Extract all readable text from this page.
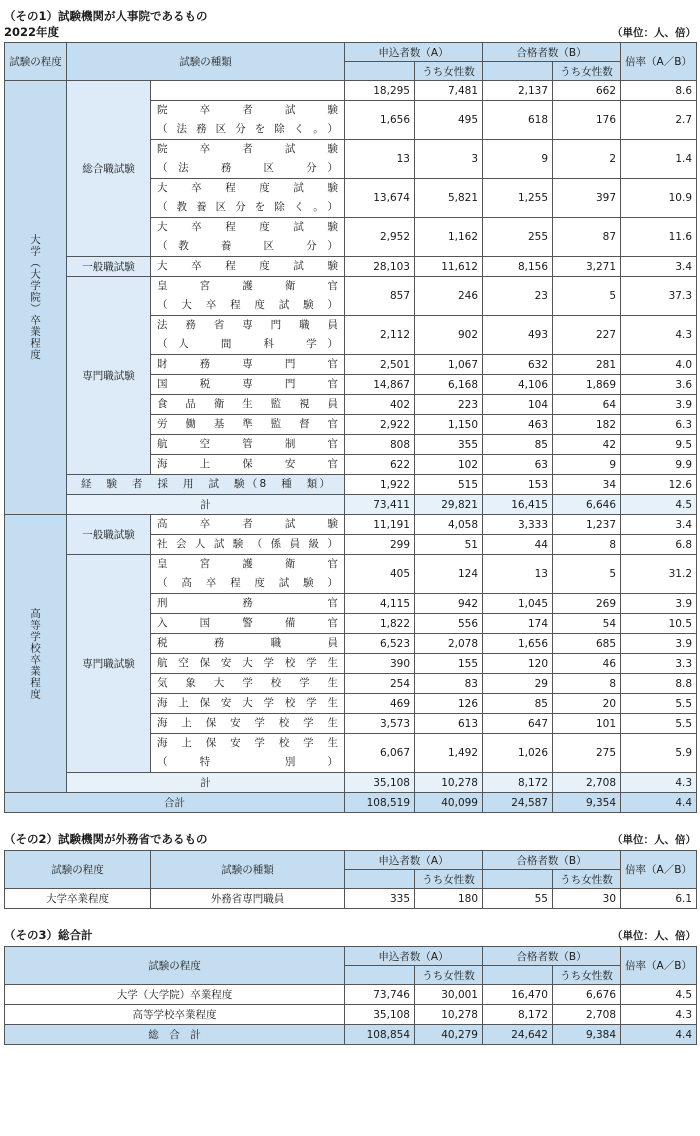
（その1）試験機関が人事院であるもの
2022年度	（単位：人、倍）
試験の程度	試験の種類		申込者数（A）		合格者数（B）		倍率（A／B）
				うち女性数		うち女性数	
大学（大学院）卒業程度	総合職試験		18,295	7,481	2,137	662	8.6

		院　卒　者　試　験
（法務区分を除く。）	1,656	495	618	176	2.7

		院　卒　者　試　験
（法　務　区　分）	13	3	9	2	1.4

		大　卒　程　度　試　験
（教養区分を除く。）	13,674	5,821	1,255	397	10.9

		大　卒　程　度　試　験
（教　養　区　分）	2,952	1,162	255	87	11.6
	一般職試験	大　卒　程　度　試　験	28,103	11,612	8,156	3,271	3.4
	専門職試験	皇　宮　護　衛　官
（大卒程度試験）	857	246	23	5	37.3

		法　務　省　専　門　職　員
（人　間　科　学）	2,112	902	493	227	4.3
		財　務　専　門　官	2,501	1,067	632	281	4.0
		国　税　専　門　官	14,867	6,168	4,106	1,869	3.6
		食　品　衛　生　監　視　員	402	223	104	64	3.9
		労　働　基　準　監　督　官	2,922	1,150	463	182	6.3
		航　空　管　制　官	808	355	85	42	9.5
		海　上　保　安　官	622	102	63	9	9.9
	経　験　者　採　用　試　験（8　種　類）		1,922	515	153	34	12.6
	計		73,411	29,821	16,415	6,646	4.5
高等学校卒業程度	一般職試験	高　卒　者　試　験	11,191	4,058	3,333	1,237	3.4
		社会人試験（係員級）	299	51	44	8	6.8
	専門職試験	皇　宮　護　衛　官
（高卒程度試験）	405	124	13	5	31.2
		刑　務　官	4,115	942	1,045	269	3.9
		入　国　警　備　官	1,822	556	174	54	10.5
		税　務　職　員	6,523	2,078	1,656	685	3.9
		航空保安大学校学生	390	155	120	46	3.3
		気　象　大　学　校　学　生	254	83	29	8	8.8
		海上保安大学校学生	469	126	85	20	5.5
		海　上　保　安　学　校　学　生	3,573	613	647	101	5.5

		海　上　保　安　学　校　学　生
（特　別）	6,067	1,492	1,026	275	5.9
	計		35,108	10,278	8,172	2,708	4.3
合計			108,519	40,099	24,587	9,354	4.4
（その2）試験機関が外務省であるもの	（単位：人、倍）
試験の程度	試験の種類	申込者数（A）		合格者数（B）		倍率（A／B）
			うち女性数		うち女性数	
大学卒業程度	外務省専門職員	335	180	55	30	6.1
（その3）総合計	（単位：人、倍）
試験の程度	申込者数（A）		合格者数（B）		倍率（A／B）
		うち女性数		うち女性数	
大学（大学院）卒業程度	73,746	30,001	16,470	6,676	4.5
高等学校卒業程度	35,108	10,278	8,172	2,708	4.3
総　合　計	108,854	40,279	24,642	9,384	4.4
